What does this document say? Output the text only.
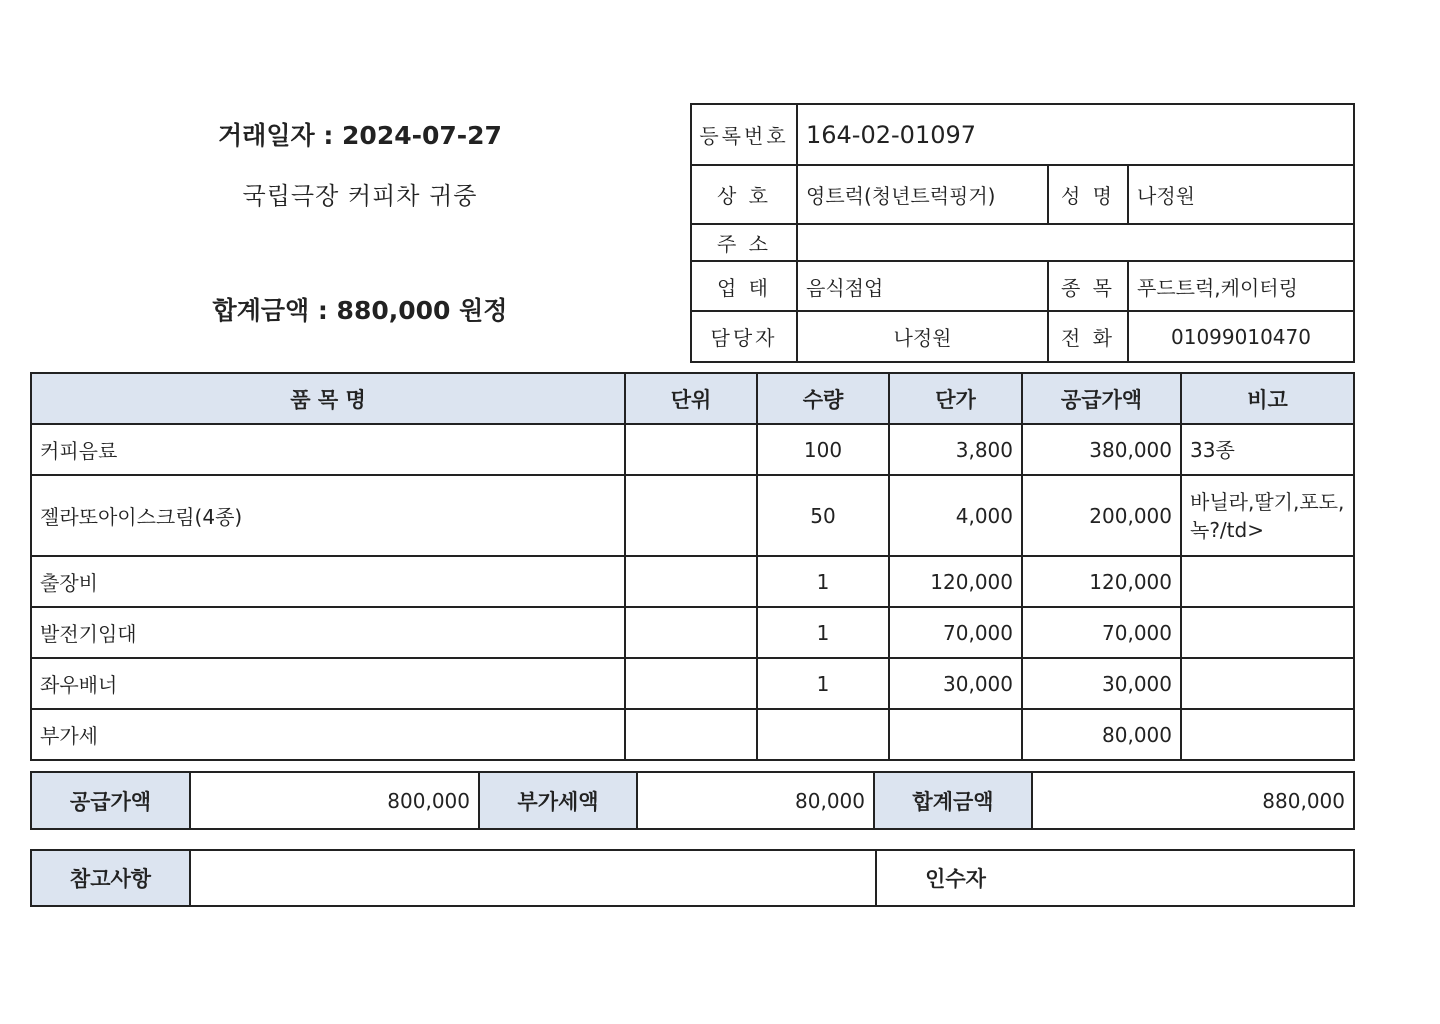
거래일자 : 2024-07-27
국립극장 커피차 귀중
합계금액 : 880,000 원정
등록번호	164-02-01097		
상 호	영트럭(청년트럭핑거)	성 명	나정원
주 소			
업 태	음식점업	종 목	푸드트럭,케이터링
담당자	나정원	전 화	01099010470
품 목 명	단위	수량	단가	공급가액	비고
커피음료		100	3,800	380,000	33종
젤라또아이스크림(4종)		50	4,000	200,000	바닐라,딸기,포도,녹?/td>
출장비		1	120,000	120,000	
발전기임대		1	70,000	70,000	
좌우배너		1	30,000	30,000	
부가세				80,000	
공급가액	800,000	부가세액	80,000	합계금액	880,000
참고사항		인수자	
